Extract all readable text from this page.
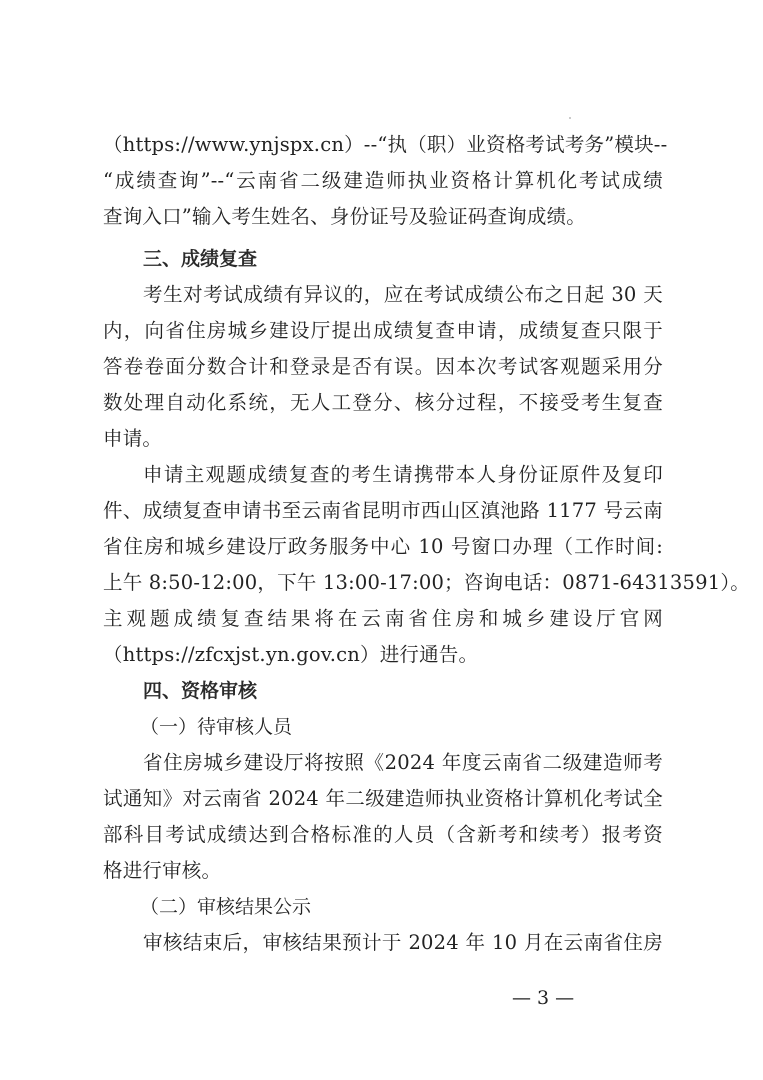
（https://www.ynjspx.cn）--“执（职）业资格考试考务”模块--
“成绩查询”--“云南省二级建造师执业资格计算机化考试成绩
查询入口”输入考生姓名、身份证号及验证码查询成绩。
三、成绩复查
考生对考试成绩有异议的，应在考试成绩公布之日起 30 天
内，向省住房城乡建设厅提出成绩复查申请，成绩复查只限于
答卷卷面分数合计和登录是否有误。因本次考试客观题采用分
数处理自动化系统，无人工登分、核分过程，不接受考生复查
申请。
申请主观题成绩复查的考生请携带本人身份证原件及复印
件、成绩复查申请书至云南省昆明市西山区滇池路 1177 号云南
省住房和城乡建设厅政务服务中心 10 号窗口办理（工作时间:
上午 8:50-12:00，下午 13:00-17:00；咨询电话：0871-64313591）。
主观题成绩复查结果将在云南省住房和城乡建设厅官网
（https://zfcxjst.yn.gov.cn）进行通告。
四、资格审核
（一）待审核人员
省住房城乡建设厅将按照《2024 年度云南省二级建造师考
试通知》对云南省 2024 年二级建造师执业资格计算机化考试全
部科目考试成绩达到合格标准的人员（含新考和续考）报考资
格进行审核。
（二）审核结果公示
审核结束后，审核结果预计于 2024 年 10 月在云南省住房
— 3 —
